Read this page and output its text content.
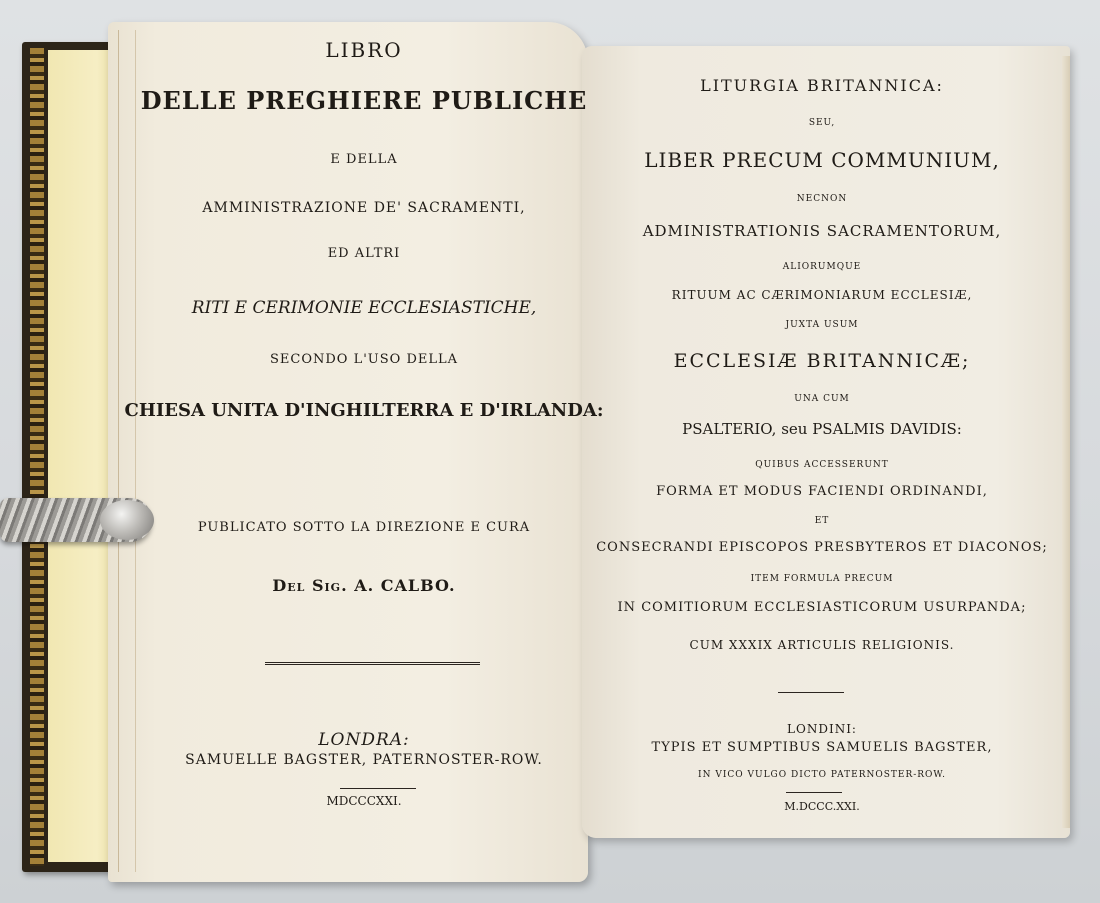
LIBRO

DELLE PREGHIERE PUBLICHE

E DELLA

AMMINISTRAZIONE DE' SACRAMENTI,

ED ALTRI

RITI E CERIMONIE ECCLESIASTICHE,

SECONDO L'USO DELLA

CHIESA UNITA D'INGHILTERRA E D'IRLANDA:

PUBLICATO SOTTO LA DIREZIONE E CURA

Del Sig. A. CALBO.

LONDRA:

SAMUELLE BAGSTER, PATERNOSTER-ROW.

MDCCCXXI.

LITURGIA BRITANNICA:

SEU,

LIBER PRECUM COMMUNIUM,

NECNON

ADMINISTRATIONIS SACRAMENTORUM,

ALIORUMQUE

RITUUM AC CÆRIMONIARUM ECCLESIÆ,

JUXTA USUM

ECCLESIÆ BRITANNICÆ;

UNA CUM

PSALTERIO, seu PSALMIS DAVIDIS:

QUIBUS ACCESSERUNT

FORMA ET MODUS FACIENDI ORDINANDI,

ET

CONSECRANDI EPISCOPOS PRESBYTEROS ET DIACONOS;

ITEM FORMULA PRECUM

IN COMITIORUM ECCLESIASTICORUM USURPANDA;

CUM XXXIX ARTICULIS RELIGIONIS.

LONDINI:

TYPIS ET SUMPTIBUS SAMUELIS BAGSTER,

IN VICO VULGO DICTO PATERNOSTER-ROW.

M.DCCC.XXI.
